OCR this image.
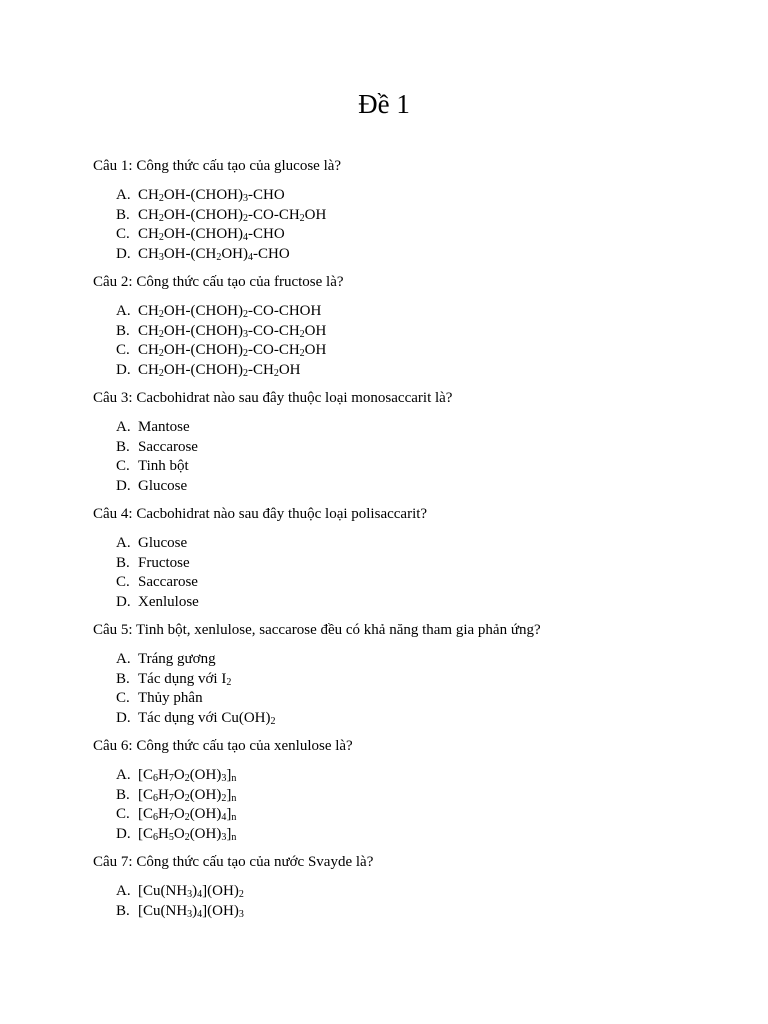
Đề 1
Câu 1: Công thức cấu tạo của glucose là?
A. $CH_2OH-(CHOH)_3$-CHO
B. $CH_2OH-(CHOH)_2-CO-CH_2OH$
C. $CH_2OH-(CHOH)_4$-CHO
D. $CH_3OH-(CH_2OH)_4$-CHO
Câu 2: Công thức cấu tạo của fructose là?
A. $CH_2OH-(CHOH)_2-CO$-CHOH
B. $CH_2OH-(CHOH)_3-CO-CH_2OH$
C. $CH_2OH-(CHOH)_2-CO-CH_2OH$
D. $CH_2OH-(CHOH)_2-CH_2OH$
Câu 3: Cacbohidrat nào sau đây thuộc loại monosaccarit là?
A. Mantose
B. Saccarose
C. Tinh bột
D. Glucose
Câu 4: Cacbohidrat nào sau đây thuộc loại polisaccarit?
A. Glucose
B. Fructose
C. Saccarose
D. Xenlulose
Câu 5: Tinh bột, xenlulose, saccarose đều có khả năng tham gia phản ứng?
A. Tráng gương
B. Tác dụng với $I_2$
C. Thủy phân
D. Tác dụng với $Cu(OH)_2$
Câu 6: Công thức cấu tạo của xenlulose là?
A. $[C_6H_7O_2(OH)_3]_n$
B. $[C_6H_7O_2(OH)_2]_n$
C. $[C_6H_7O_2(OH)_4]_n$
D. $[C_6H_5O_2(OH)_3]_n$
Câu 7: Công thức cấu tạo của nước Svayde là?
A. $[Cu(NH_3)_4](OH)_2$
B. $[Cu(NH_3)_4](OH)_3$
